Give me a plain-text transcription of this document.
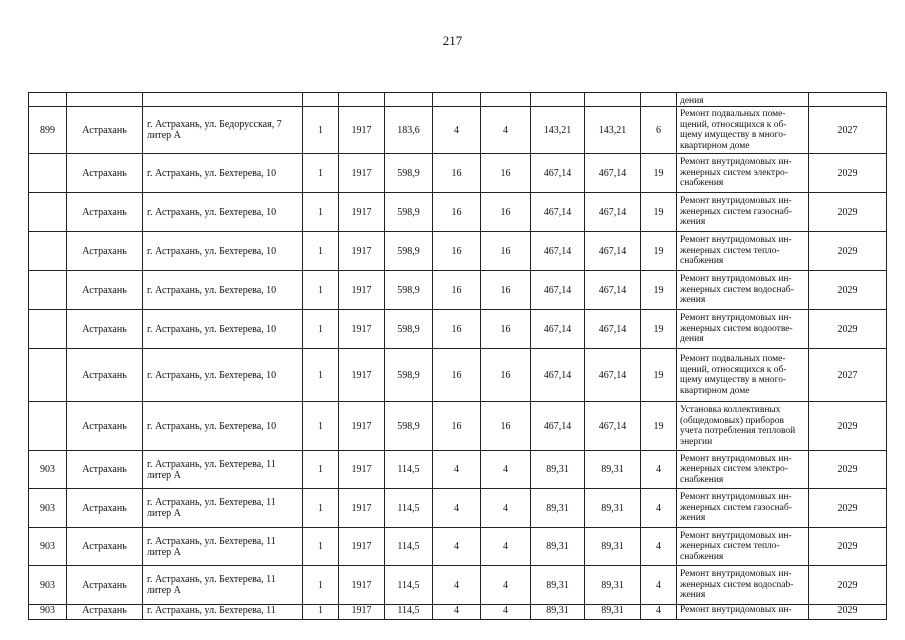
217
											дения	
899	Астрахань	г. Астрахань, ул. Бедорусская, 7 литер А	1	1917	183,6	4	4	143,21	143,21	6	Ремонт подвальных поме-щений, относящихся к об-щему имуществу в много-квартирном доме	2027
	Астрахань	г. Астрахань, ул. Бехтерева, 10	1	1917	598,9	16	16	467,14	467,14	19	Ремонт внутридомовых ин-женерных систем электро-снабжения	2029
	Астрахань	г. Астрахань, ул. Бехтерева, 10	1	1917	598,9	16	16	467,14	467,14	19	Ремонт внутридомовых ин-женерных систем газоснаб-жения	2029
	Астрахань	г. Астрахань, ул. Бехтерева, 10	1	1917	598,9	16	16	467,14	467,14	19	Ремонт внутридомовых ин-женерных систем тепло-снабжения	2029
	Астрахань	г. Астрахань, ул. Бехтерева, 10	1	1917	598,9	16	16	467,14	467,14	19	Ремонт внутридомовых ин-женерных систем водоснаб-жения	2029
	Астрахань	г. Астрахань, ул. Бехтерева, 10	1	1917	598,9	16	16	467,14	467,14	19	Ремонт внутридомовых ин-женерных систем водоотве-дения	2029
	Астрахань	г. Астрахань, ул. Бехтерева, 10	1	1917	598,9	16	16	467,14	467,14	19	Ремонт подвальных поме-щений, относящихся к об-щему имуществу в много-квартирном доме	2027
	Астрахань	г. Астрахань, ул. Бехтерева, 10	1	1917	598,9	16	16	467,14	467,14	19	Установка коллективных (общедомовых) приборов учета потребления тепловой энергии	2029
903	Астрахань	г. Астрахань, ул. Бехтерева, 11 литер А	1	1917	114,5	4	4	89,31	89,31	4	Ремонт внутридомовых ин-женерных систем электро-снабжения	2029
903	Астрахань	г. Астрахань, ул. Бехтерева, 11 литер А	1	1917	114,5	4	4	89,31	89,31	4	Ремонт внутридомовых ин-женерных систем газоснаб-жения	2029
903	Астрахань	г. Астрахань, ул. Бехтерева, 11 литер А	1	1917	114,5	4	4	89,31	89,31	4	Ремонт внутридомовых ин-женерных систем тепло-снабжения	2029
903	Астрахань	г. Астрахань, ул. Бехтерева, 11 литер А	1	1917	114,5	4	4	89,31	89,31	4	Ремонт внутридомовых ин-женерных систем водосnab-жения	2029
903	Астрахань	г. Астрахань, ул. Бехтерева, 11	1	1917	114,5	4	4	89,31	89,31	4	Ремонт внутридомовых ин-	2029
